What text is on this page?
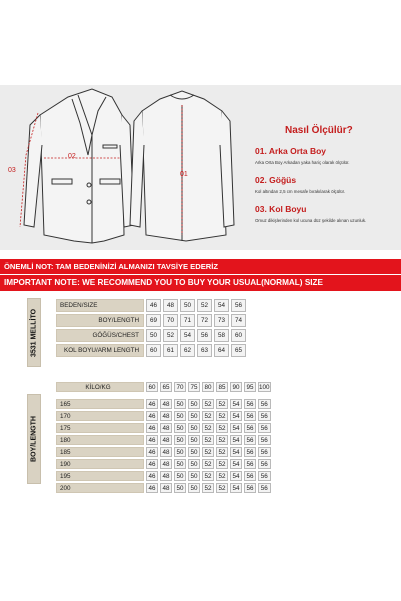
02
03
01
Nasıl Ölçülür?
01. Arka Orta Boy
Arka Orta Boy Arkadan yaka hariç olarak ölçülür.
02. Göğüs
Kol altından 2,5 cm mesafe bırakılarak ölçülür.
03. Kol Boyu
Omuz dikişlerinden kol ucuna düz şekilde alınan uzunluk.
ÖNEMLİ NOT: TAM BEDENİNİZİ ALMANIZI TAVSİYE EDERİZ
IMPORTANT NOTE: WE RECOMMEND YOU TO BUY YOUR USUAL(NORMAL) SIZE
3531 MELLİTO
BEDEN/SIZE	46	48	50	52	54	56
BOY/LENGTH	69	70	71	72	73	74
GÖĞÜS/CHEST	50	52	54	56	58	60
KOL BOYU/ARM LENGTH	60	61	62	63	64	65
BOY/LENGTH
KİLO/KG	60	65	70	75	80	85	90	95	100

165	46	48	50	50	52	52	54	56	56
170	46	48	50	50	52	52	54	56	56
175	46	48	50	50	52	52	54	56	56
180	46	48	50	50	52	52	54	56	56
185	46	48	50	50	52	52	54	56	56
190	46	48	50	50	52	52	54	56	56
195	46	48	50	50	52	52	54	56	56
200	46	48	50	50	52	52	54	56	56
